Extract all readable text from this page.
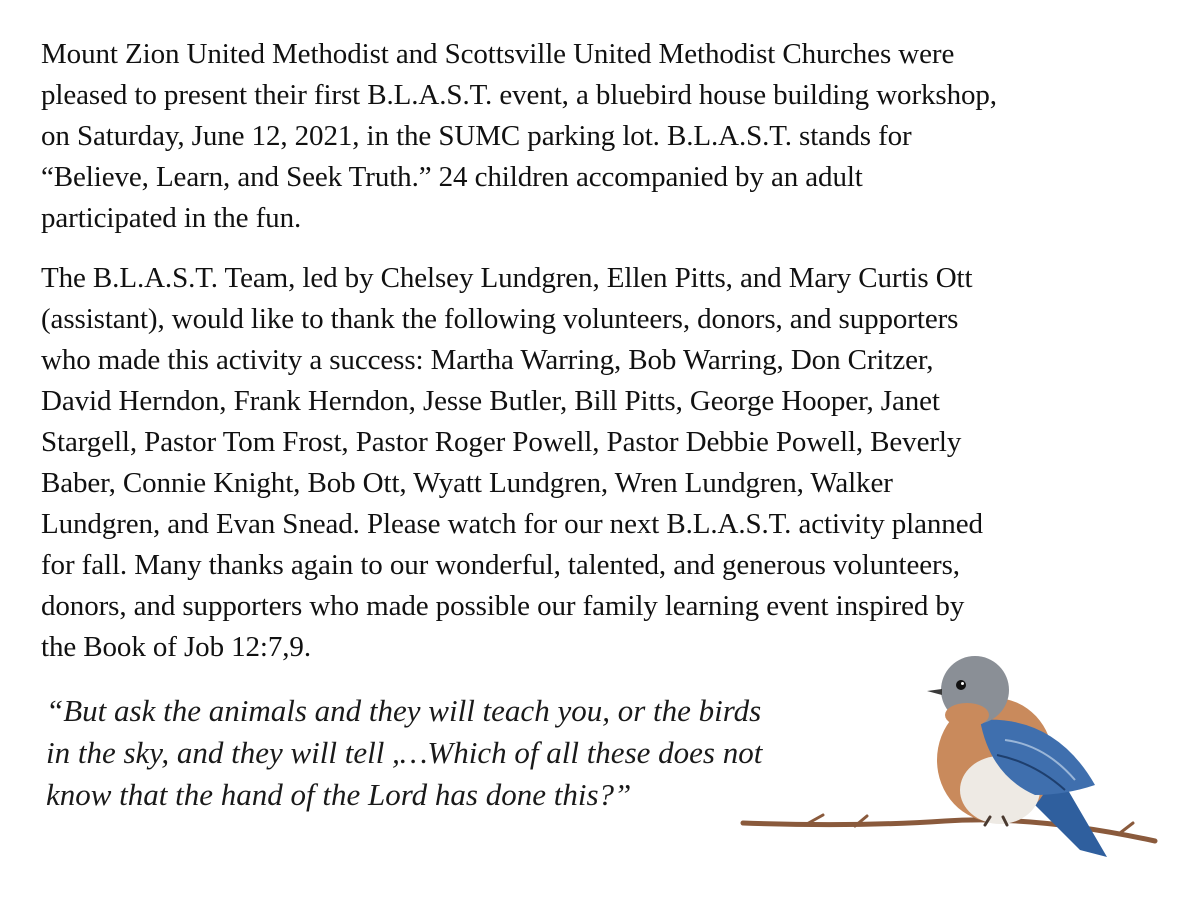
Mount Zion United Methodist and Scottsville United Methodist Churches were
pleased to present their first B.L.A.S.T. event, a bluebird house building workshop,
on Saturday, June 12, 2021, in the SUMC parking lot. B.L.A.S.T. stands for
“Believe, Learn, and Seek Truth.” 24 children accompanied by an adult
participated in the fun.

The B.L.A.S.T. Team, led by Chelsey Lundgren, Ellen Pitts, and Mary Curtis Ott
(assistant), would like to thank the following volunteers, donors, and supporters
who made this activity a success: Martha Warring, Bob Warring, Don Critzer,
David Herndon, Frank Herndon, Jesse Butler, Bill Pitts, George Hooper, Janet
Stargell, Pastor Tom Frost, Pastor Roger Powell, Pastor Debbie Powell, Beverly
Baber, Connie Knight, Bob Ott, Wyatt Lundgren, Wren Lundgren, Walker
Lundgren, and Evan Snead. Please watch for our next B.L.A.S.T. activity planned
for fall. Many thanks again to our wonderful, talented, and generous volunteers,
donors, and supporters who made possible our family learning event inspired by
the Book of Job 12:7,9.

“But ask the animals and they will teach you, or the birds
in the sky, and they will tell ,…Which of all these does not
know that the hand of the Lord has done this?”
